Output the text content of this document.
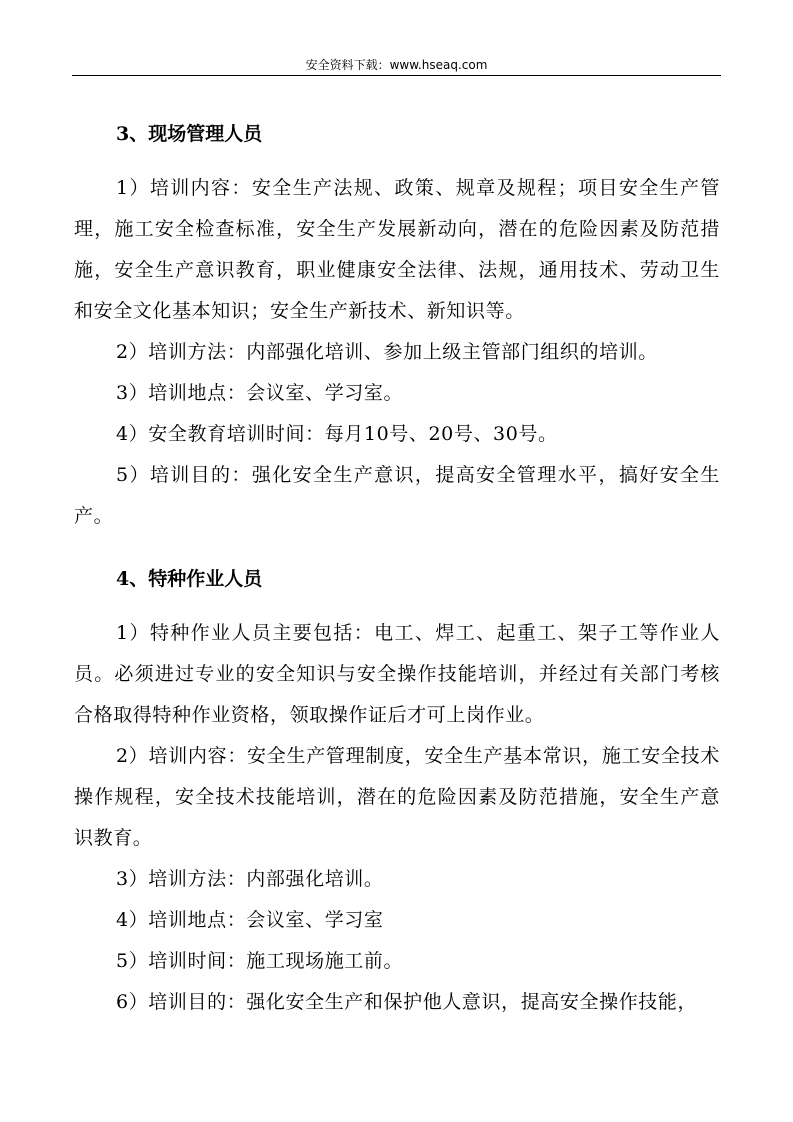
安全资料下载：www.hseaq.com
3、现场管理人员

1）培训内容：安全生产法规、政策、规章及规程；项目安全生产管理，施工安全检查标准，安全生产发展新动向，潜在的危险因素及防范措施，安全生产意识教育，职业健康安全法律、法规，通用技术、劳动卫生和安全文化基本知识；安全生产新技术、新知识等。

2）培训方法：内部强化培训、参加上级主管部门组织的培训。

3）培训地点：会议室、学习室。

4）安全教育培训时间：每月10号、20号、30号。

5）培训目的：强化安全生产意识，提高安全管理水平，搞好安全生产。

4、特种作业人员

1）特种作业人员主要包括：电工、焊工、起重工、架子工等作业人员。必须进过专业的安全知识与安全操作技能培训，并经过有关部门考核合格取得特种作业资格，领取操作证后才可上岗作业。

2）培训内容：安全生产管理制度，安全生产基本常识，施工安全技术操作规程，安全技术技能培训，潜在的危险因素及防范措施，安全生产意识教育。

3）培训方法：内部强化培训。

4）培训地点：会议室、学习室

5）培训时间：施工现场施工前。

6）培训目的：强化安全生产和保护他人意识，提高安全操作技能，
